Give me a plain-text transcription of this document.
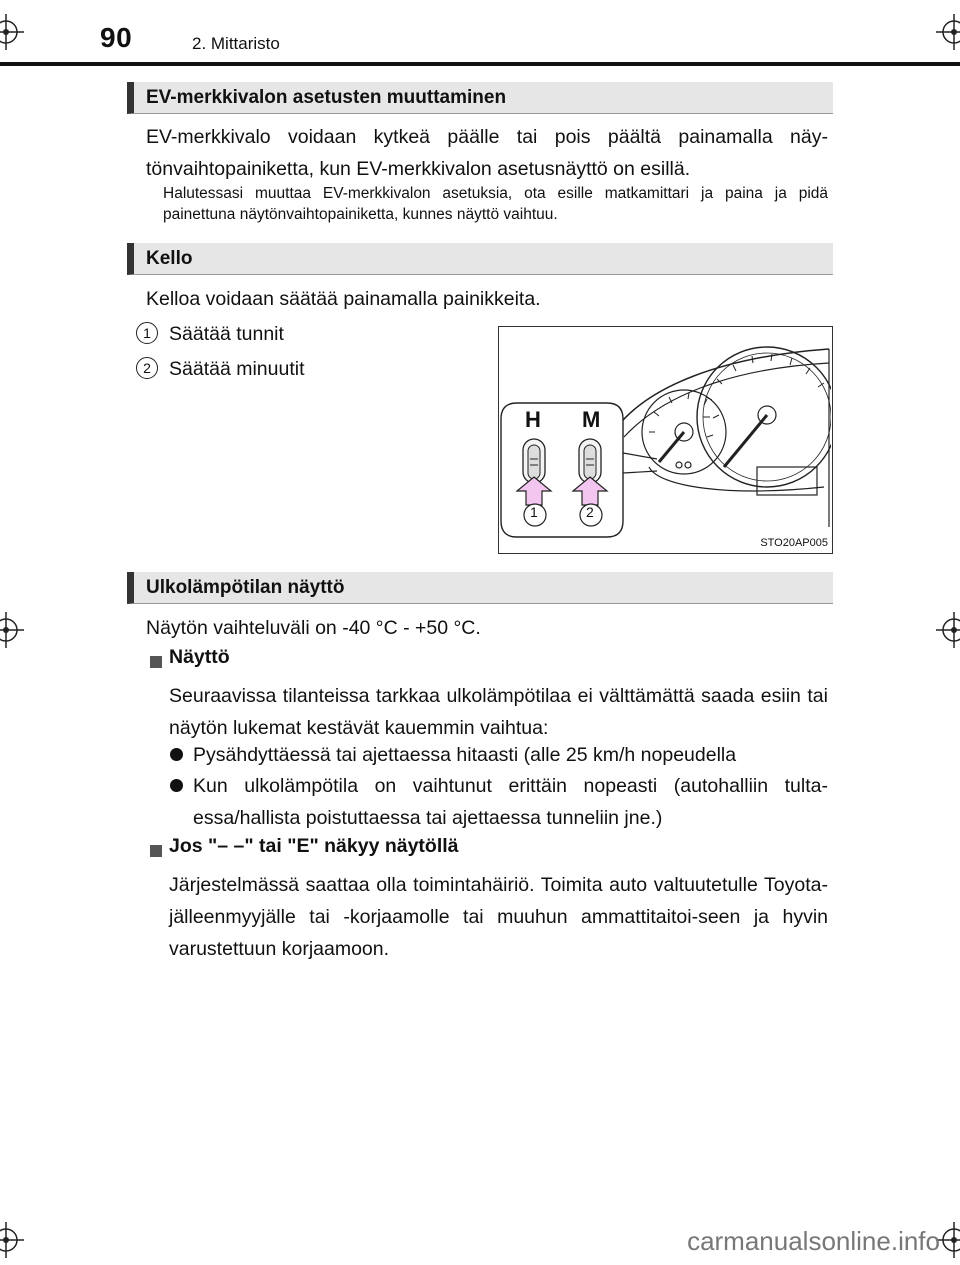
90	2. Mittaristo
EV-merkkivalon asetusten muuttaminen
EV-merkkivalo voidaan kytkeä päälle tai pois päältä painamalla näy-tönvaihtopainiketta, kun EV-merkkivalon asetusnäyttö on esillä.
Halutessasi muuttaa EV-merkkivalon asetuksia, ota esille matkamittari ja paina ja pidä painettuna näytönvaihtopainiketta, kunnes näyttö vaihtuu.
Kello
Kelloa voidaan säätää painamalla painikkeita.
1 Säätää tunnit
2 Säätää minuutit
H M
1	2
STO20AP005
Ulkolämpötilan näyttö
Näytön vaihteluväli on -40 °C - +50 °C.
Näyttö
Seuraavissa tilanteissa tarkkaa ulkolämpötilaa ei välttämättä saada esiin tai näytön lukemat kestävät kauemmin vaihtua:
Pysähdyttäessä tai ajettaessa hitaasti (alle 25 km/h nopeudella
Kun ulkolämpötila on vaihtunut erittäin nopeasti (autohalliin tulta-essa/hallista poistuttaessa tai ajettaessa tunneliin jne.)
Jos "– –" tai "E" näkyy näytöllä
Järjestelmässä saattaa olla toimintahäiriö. Toimita auto valtuutetulle Toyota-jälleenmyyjälle tai -korjaamolle tai muuhun ammattitaitoi-seen ja hyvin varustettuun korjaamoon.
carmanualsonline.info
